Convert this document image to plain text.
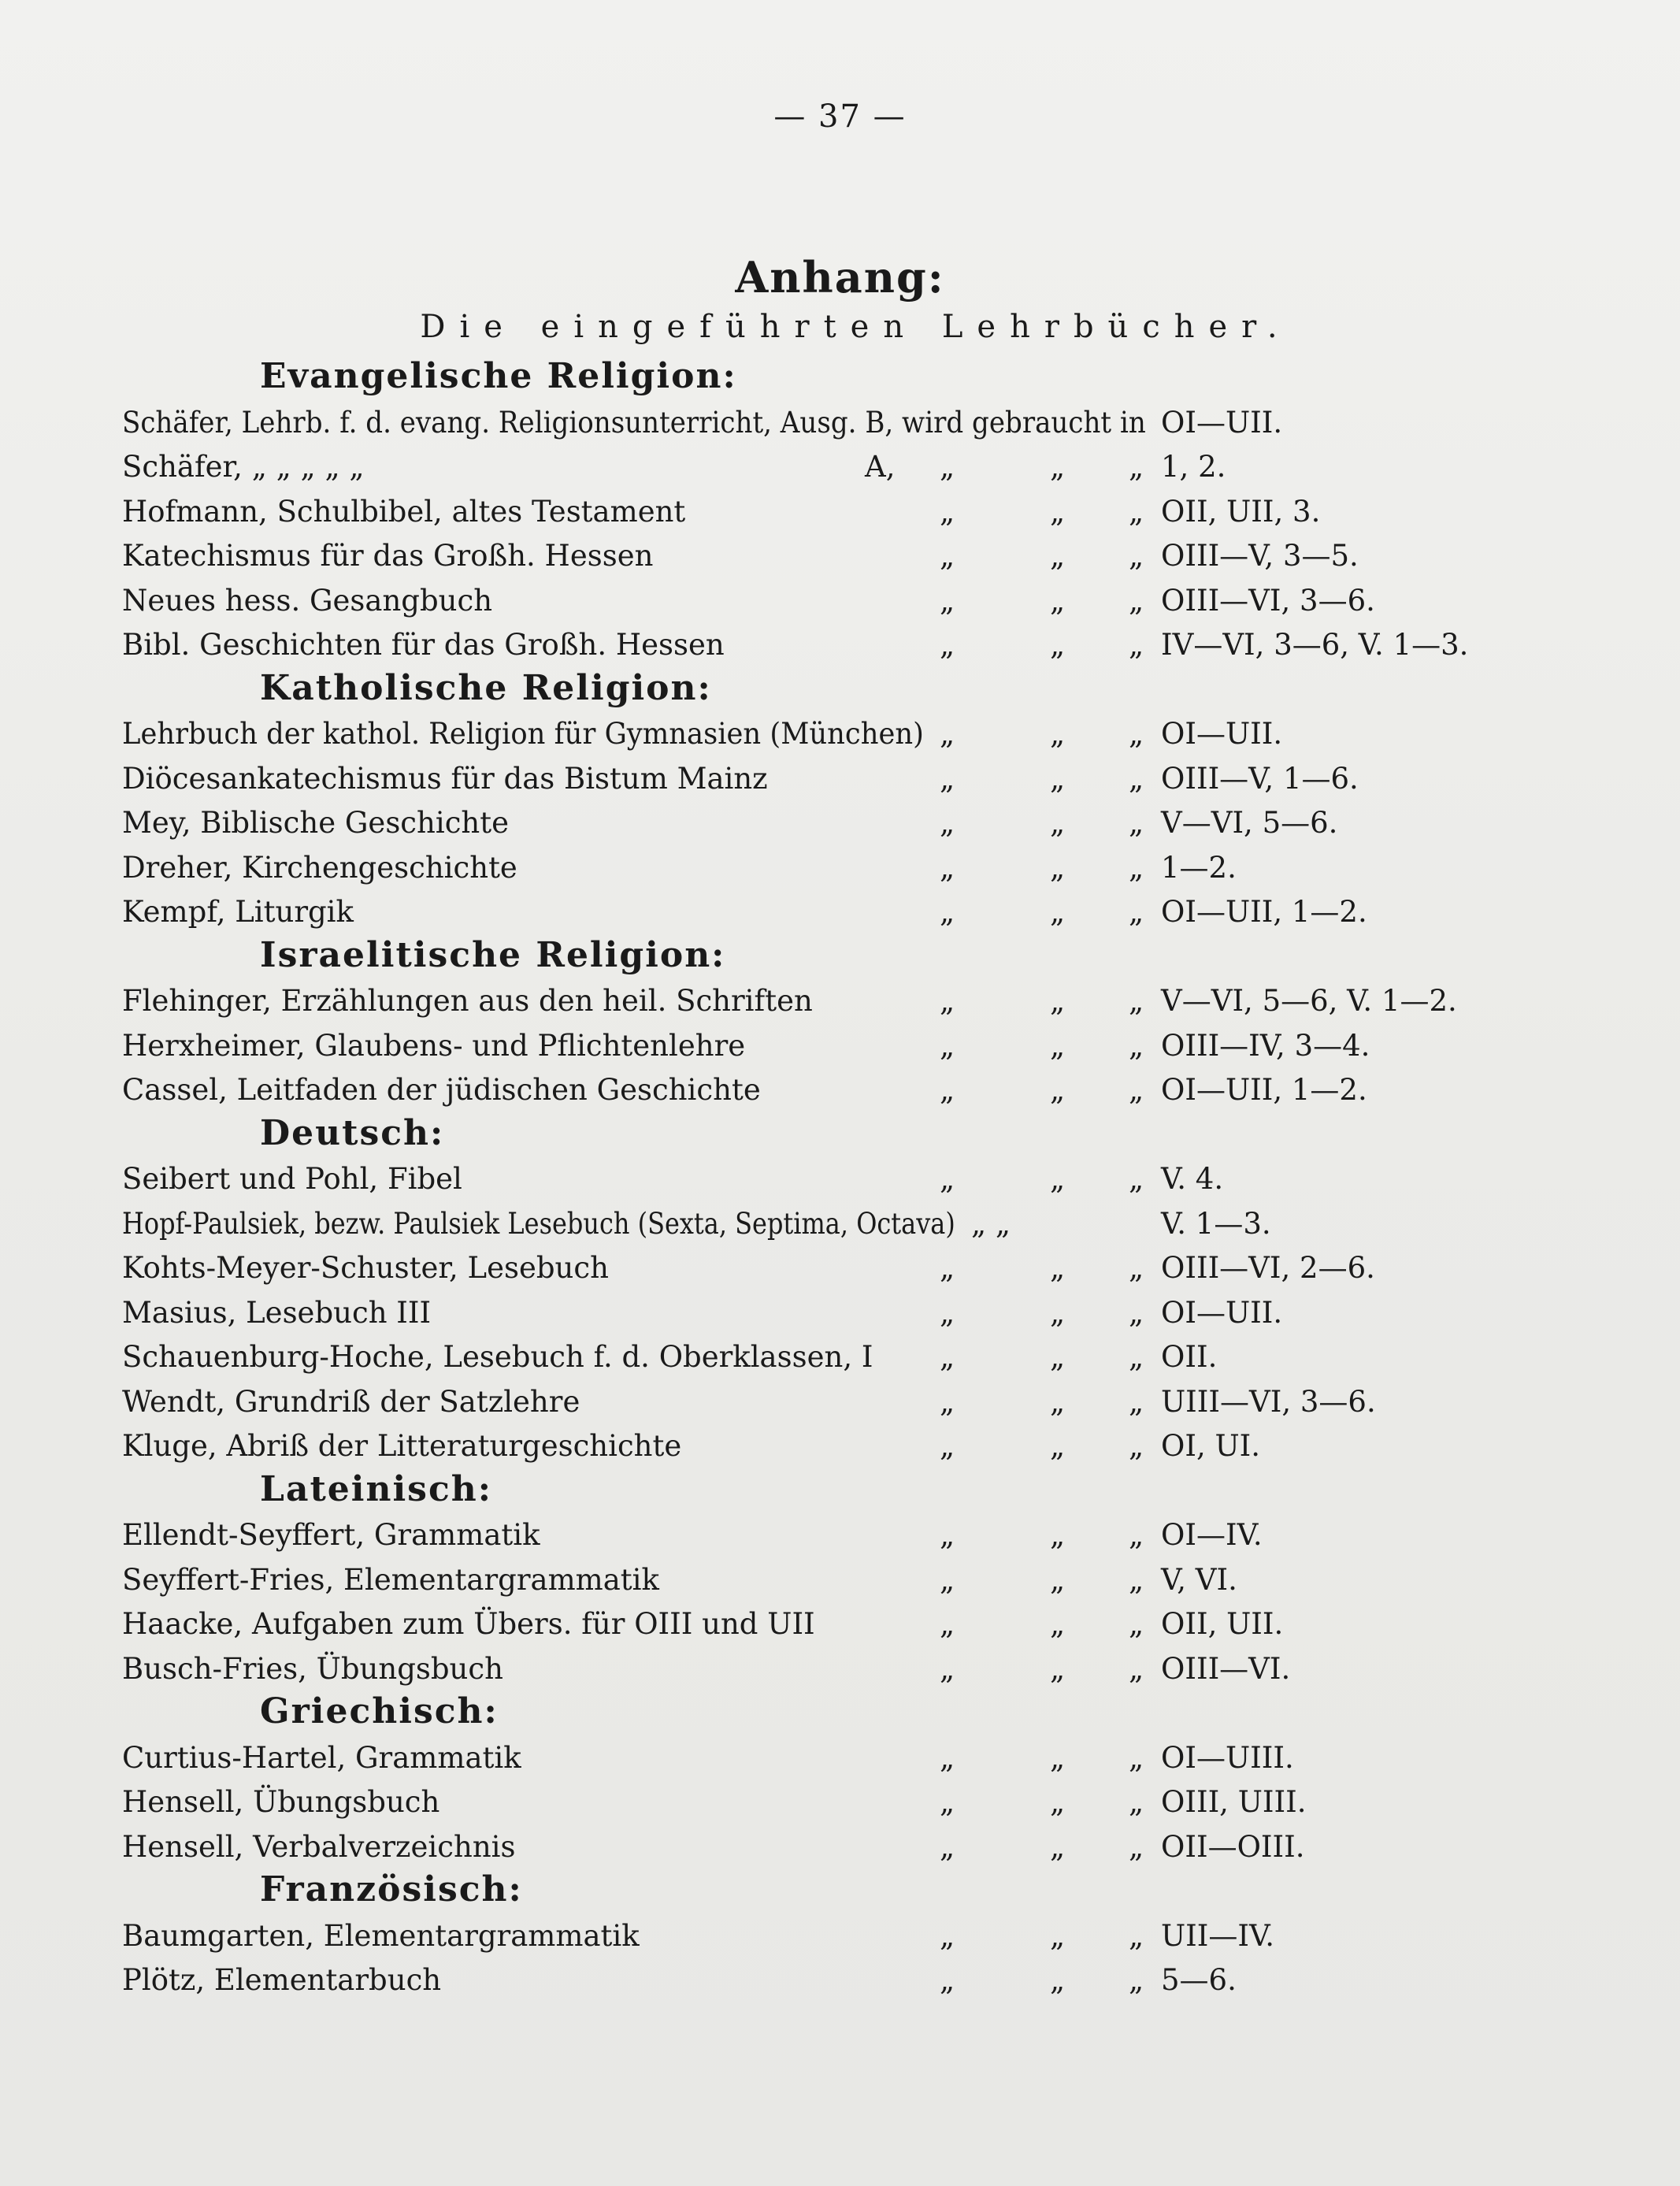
— 37 —
Anhang:
Die eingeführten Lehrbücher.
Evangelische Religion:
Schäfer, Lehrb. f. d. evang. Religionsunterricht, Ausg. B, wird gebraucht in OI—UII.
Schäfer, „ „ „ „ „	A, „	„ „ 1, 2.
Hofmann, Schulbibel, altes Testament	„	„ „ OII, UII, 3.
Katechismus für das Großh. Hessen	„	„ „ OIII—V, 3—5.
Neues hess. Gesangbuch	„	„ „ OIII—VI, 3—6.
Bibl. Geschichten für das Großh. Hessen	„	„ „ IV—VI, 3—6, V. 1—3.
Katholische Religion:
Lehrbuch der kathol. Religion für Gymnasien (München) „	„ „ OI—UII.
Diöcesankatechismus für das Bistum Mainz	„	„ „ OIII—V, 1—6.
Mey, Biblische Geschichte	„	„ „ V—VI, 5—6.
Dreher, Kirchengeschichte	„	„ „ 1—2.
Kempf, Liturgik	„	„ „ OI—UII, 1—2.
Israelitische Religion:
Flehinger, Erzählungen aus den heil. Schriften	„	„ „ V—VI, 5—6, V. 1—2.
Herxheimer, Glaubens- und Pflichtenlehre	„	„ „ OIII—IV, 3—4.
Cassel, Leitfaden der jüdischen Geschichte	„	„ „ OI—UII, 1—2.
Deutsch:
Seibert und Pohl, Fibel	„	„ „ V. 4.
Hopf-Paulsiek, bezw. Paulsiek Lesebuch (Sexta, Septima, Octava) „ „	V. 1—3.
Kohts-Meyer-Schuster, Lesebuch	„	„ „ OIII—VI, 2—6.
Masius, Lesebuch III	„	„ „ OI—UII.
Schauenburg-Hoche, Lesebuch f. d. Oberklassen, I „	„ „ OII.
Wendt, Grundriß der Satzlehre	„	„ „ UIII—VI, 3—6.
Kluge, Abriß der Litteraturgeschichte	„	„ „ OI, UI.
Lateinisch:
Ellendt-Seyffert, Grammatik	„	„ „ OI—IV.
Seyffert-Fries, Elementargrammatik	„	„ „ V, VI.
Haacke, Aufgaben zum Übers. für OIII und UII	„	„ „ OII, UII.
Busch-Fries, Übungsbuch	„	„ „ OIII—VI.
Griechisch:
Curtius-Hartel, Grammatik	„	„ „ OI—UIII.
Hensell, Übungsbuch	„	„ „ OIII, UIII.
Hensell, Verbalverzeichnis	„	„ „ OII—OIII.
Französisch:
Baumgarten, Elementargrammatik	„	„ „ UII—IV.
Plötz, Elementarbuch	„	„ „ 5—6.
